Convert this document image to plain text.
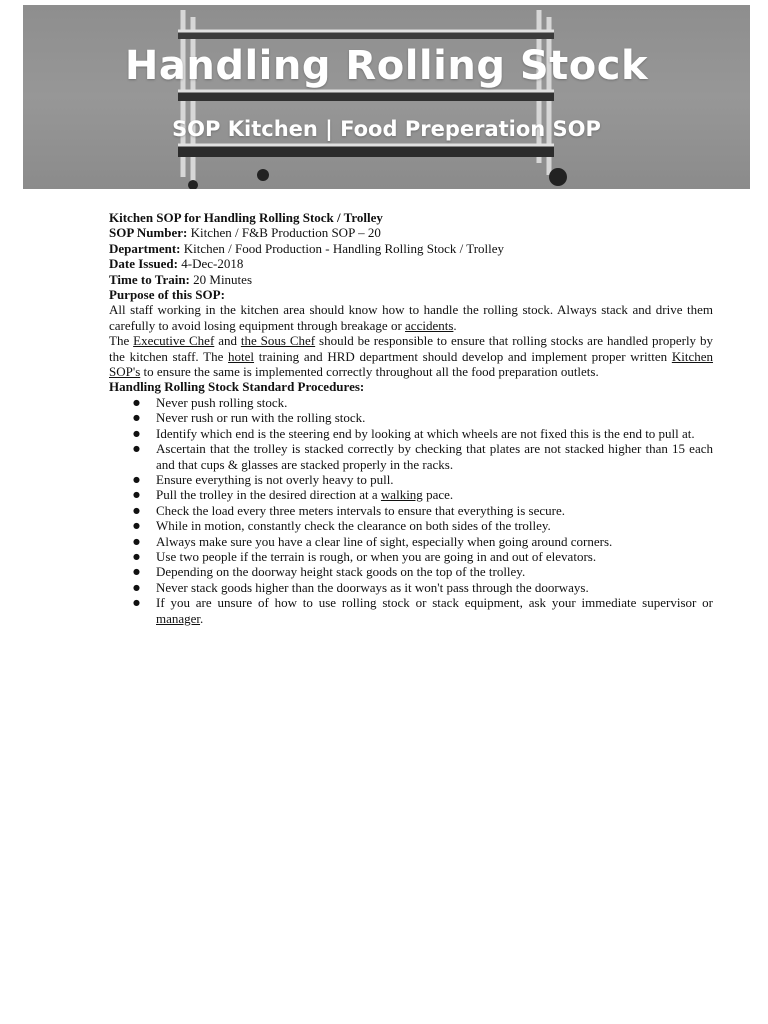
Handling Rolling Stock
SOP Kitchen | Food Preperation SOP

Kitchen SOP for Handling Rolling Stock / Trolley

SOP Number: Kitchen / F&B Production SOP – 20

Department: Kitchen / Food Production - Handling Rolling Stock / Trolley

Date Issued: 4-Dec-2018

Time to Train: 20 Minutes

Purpose of this SOP:

All staff working in the kitchen area should know how to handle the rolling stock. Always stack and drive them carefully to avoid losing equipment through breakage or accidents.

The Executive Chef and the Sous Chef should be responsible to ensure that rolling stocks are handled properly by the kitchen staff. The hotel training and HRD department should develop and implement proper written Kitchen SOP's to ensure the same is implemented correctly throughout all the food preparation outlets.

Handling Rolling Stock Standard Procedures:

● Never push rolling stock.
● Never rush or run with the rolling stock.
● Identify which end is the steering end by looking at which wheels are not fixed this is the end to pull at.
● Ascertain that the trolley is stacked correctly by checking that plates are not stacked higher than 15 each and that cups & glasses are stacked properly in the racks.
● Ensure everything is not overly heavy to pull.
● Pull the trolley in the desired direction at a walking pace.
● Check the load every three meters intervals to ensure that everything is secure.
● While in motion, constantly check the clearance on both sides of the trolley.
● Always make sure you have a clear line of sight, especially when going around corners.
● Use two people if the terrain is rough, or when you are going in and out of elevators.
● Depending on the doorway height stack goods on the top of the trolley.
● Never stack goods higher than the doorways as it won't pass through the doorways.
● If you are unsure of how to use rolling stock or stack equipment, ask your immediate supervisor or manager.
